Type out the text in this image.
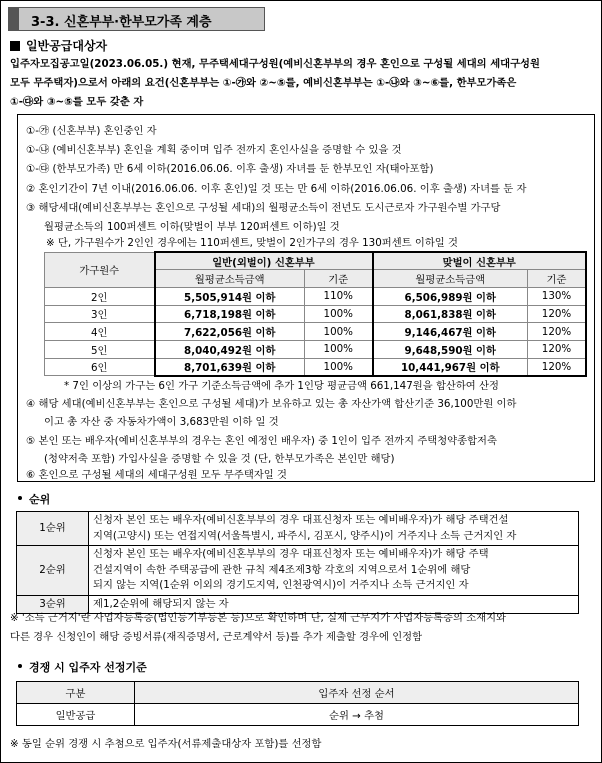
3-3. 신혼부부·한부모가족 계층
일반공급대상자
입주자모집공고일(2023.06.05.) 현재, 무주택세대구성원(예비신혼부부의 경우 혼인으로 구성될 세대의 세대구성원
모두 무주택자)으로서 아래의 요건(신혼부부는 ①-㉮와 ②~⑤를, 예비신혼부부는 ①-㉯와 ③~⑥를, 한부모가족은
①-㉰와 ③~⑤를 모두 갖춘 자
①-㉮ (신혼부부) 혼인중인 자
①-㉯ (예비신혼부부) 혼인을 계획 중이며 입주 전까지 혼인사실을 증명할 수 있을 것
①-㉰ (한부모가족) 만 6세 이하(2016.06.06. 이후 출생) 자녀를 둔 한부모인 자(태아포함)
② 혼인기간이 7년 이내(2016.06.06. 이후 혼인)일 것 또는 만 6세 이하(2016.06.06. 이후 출생) 자녀를 둔 자
③ 해당세대(예비신혼부부는 혼인으로 구성될 세대)의 월평균소득이 전년도 도시근로자 가구원수별 가구당
월평균소득의 100퍼센트 이하(맞벌이 부부 120퍼센트 이하)일 것
※ 단, 가구원수가 2인인 경우에는 110퍼센트, 맞벌이 2인가구의 경우 130퍼센트 이하일 것
가구원수	일반(외벌이) 신혼부부		맞벌이 신혼부부	
	월평균소득금액	기준	월평균소득금액	기준
2인	5,505,914원 이하	110%	6,506,989원 이하	130%
3인	6,718,198원 이하	100%	8,061,838원 이하	120%
4인	7,622,056원 이하	100%	9,146,467원 이하	120%
5인	8,040,492원 이하	100%	9,648,590원 이하	120%
6인	8,701,639원 이하	100%	10,441,967원 이하	120%
* 7인 이상의 가구는 6인 가구 기준소득금액에 추가 1인당 평균금액 661,147원을 합산하여 산정
④ 해당 세대(예비신혼부부는 혼인으로 구성될 세대)가 보유하고 있는 총 자산가액 합산기준 36,100만원 이하
이고 총 자산 중 자동차가액이 3,683만원 이하 일 것
⑤ 본인 또는 배우자(예비신혼부부의 경우는 혼인 예정인 배우자) 중 1인이 입주 전까지 주택청약종합저축
(청약저축 포함) 가입사실을 증명할 수 있을 것 (단, 한부모가족은 본인만 해당)
⑥ 혼인으로 구성될 세대의 세대구성원 모두 무주택자일 것
순위
1순위	신청자 본인 또는 배우자(예비신혼부부의 경우 대표신청자 또는 예비배우자)가 해당 주택건설
지역(고양시) 또는 연접지역(서울특별시, 파주시, 김포시, 양주시)이 거주지나 소득 근거지인 자

2순위	신청자 본인 또는 배우자(예비신혼부부의 경우 대표신청자 또는 예비배우자)가 해당 주택
건설지역이 속한 주택공급에 관한 규칙 제4조제3항 각호의 지역으로서 1순위에 해당
되지 않는 지역(1순위 이외의 경기도지역, 인천광역시)이 거주지나 소득 근거지인 자

3순위	제1,2순위에 해당되지 않는 자
※ '소득 근거지'란 사업자등록증(법인등기부등본 등)으로 확인하며 단, 실제 근무지가 사업자등록증의 소재지와
다른 경우 신청인이 해당 증빙서류(재직증명서, 근로계약서 등)를 추가 제출할 경우에 인정함
경쟁 시 입주자 선정기준
구분	입주자 선정 순서
일반공급	순위 → 추첨
※ 동일 순위 경쟁 시 추첨으로 입주자(서류제출대상자 포함)를 선정함
